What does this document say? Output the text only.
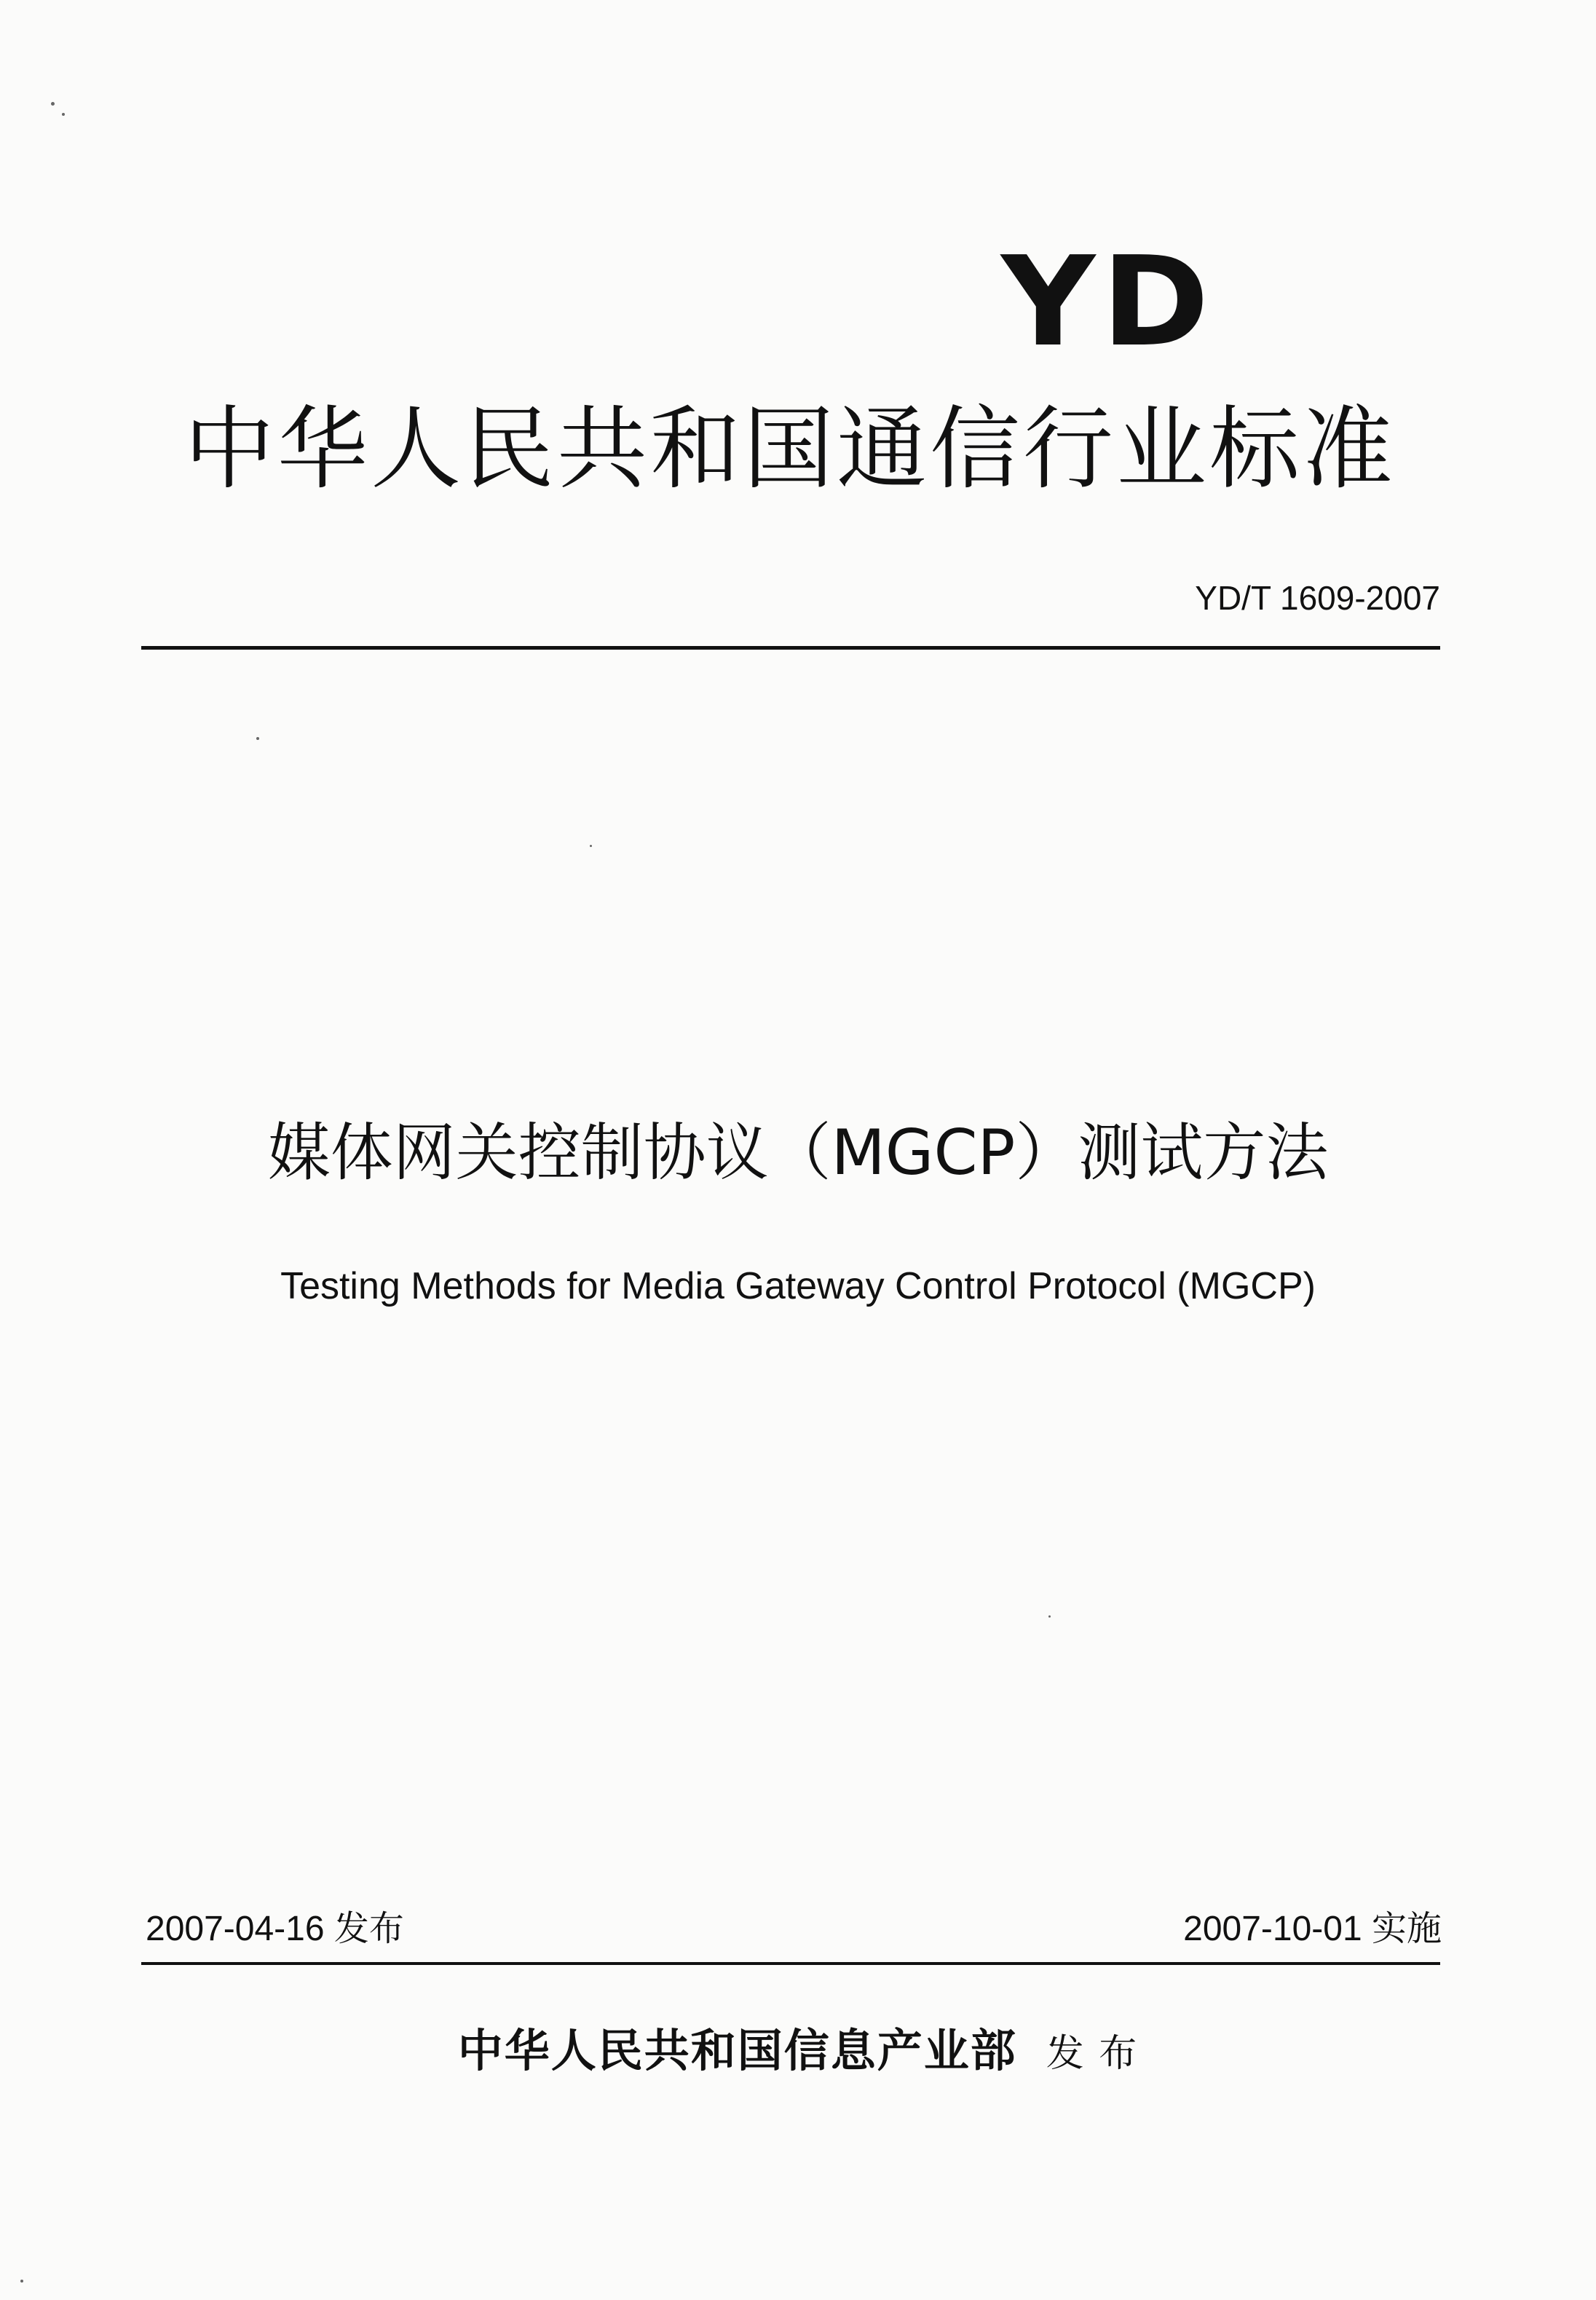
YD
中华人民共和国通信行业标准
YD/T 1609-2007
媒体网关控制协议（MGCP）测试方法
Testing Methods for Media Gateway Control Protocol (MGCP)
2007-04-16 发布	2007-10-01 实施
中华人民共和国信息产业部 发 布
